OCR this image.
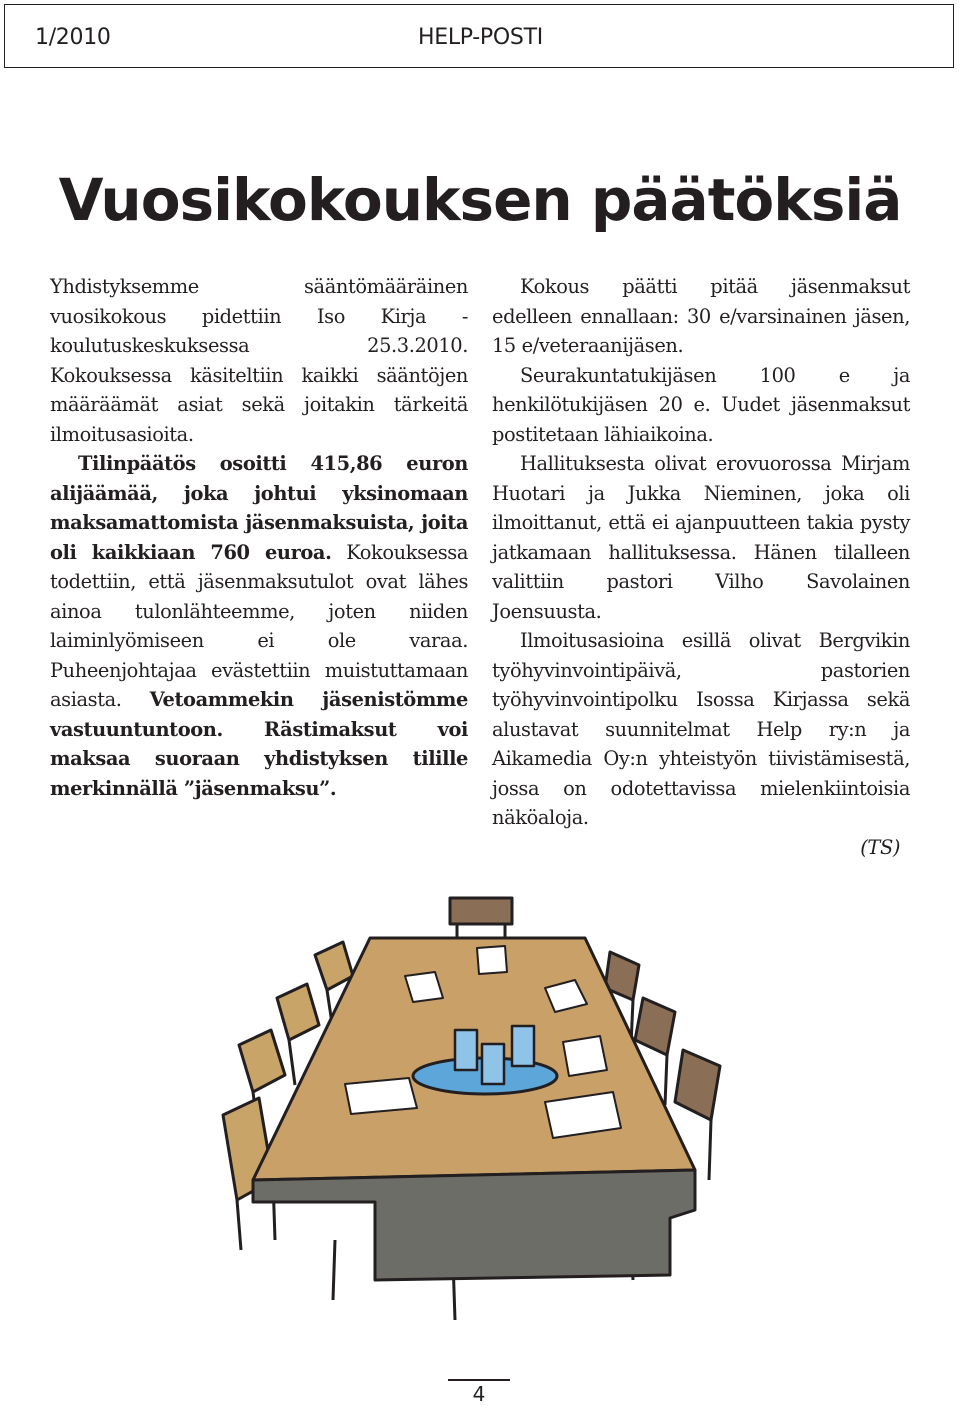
1/2010	HELP-POSTI
Vuosikokouksen päätöksiä

Yhdistyksemme sääntömääräinen vuosikokous pidettiin Iso Kirja -koulutuskeskuksessa 25.3.2010. Kokouksessa käsiteltiin kaikki sääntöjen määräämät asiat sekä joitakin tärkeitä ilmoitusasioita.

Tilinpäätös osoitti 415,86 euron alijäämää, joka johtui yksinomaan maksamattomista jäsenmaksuista, joita oli kaikkiaan 760 euroa. Kokouksessa todettiin, että jäsenmaksutulot ovat lähes ainoa tulonlähteemme, joten niiden laiminlyömiseen ei ole varaa. Puheenjohtajaa evästettiin muistuttamaan asiasta. Vetoammekin jäsenistömme vastuuntuntoon. Rästimaksut voi maksaa suoraan yhdistyksen tilille merkinnällä ”jäsenmaksu”.

Kokous päätti pitää jäsenmaksut edelleen ennallaan: 30 e/varsinainen jäsen, 15 e/veteraanijäsen.

Seurakuntatukijäsen 100 e ja henkilötukijäsen 20 e. Uudet jäsenmaksut postitetaan lähiaikoina.

Hallituksesta olivat erovuorossa Mirjam Huotari ja Jukka Nieminen, joka oli ilmoittanut, että ei ajanpuutteen takia pysty jatkamaan hallituksessa. Hänen tilalleen valittiin pastori Vilho Savolainen Joensuusta.

Ilmoitusasioina esillä olivat Bergvikin työhyvinvointipäivä, pastorien työhyvinvointipolku Isossa Kirjassa sekä alustavat suunnitelmat Help ry:n ja Aikamedia Oy:n yhteistyön tiivistämisestä, jossa on odotettavissa mielenkiintoisia näköaloja.

(TS)

4
